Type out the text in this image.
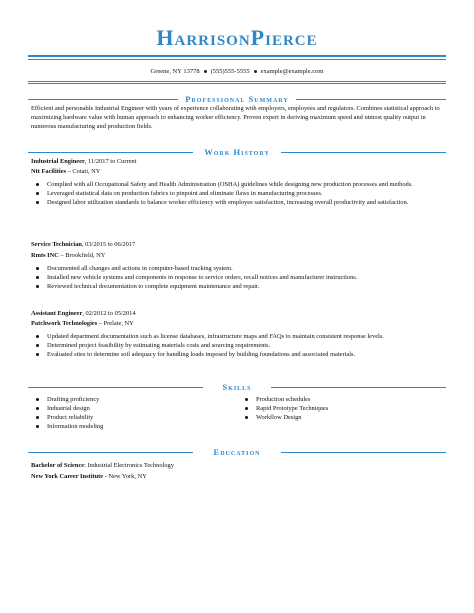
HarrisonPierce
Greene, NY 13778 (555)555-5555 example@example.com
Professional Summary
Efficient and personable Industrial Engineer with years of experience collaborating with employers, employees and regulators. Combines statistical approach to maximizing hardware value with human approach to enhancing worker efficiency. Proven expert in deriving maximum speed and utmost quality output in numerous manufacturing and production fields.
Work History
Industrial Engineer, 11/2017 to Current
Ntt Facilities – Cotati, NY
Complied with all Occupational Safety and Health Administration (OSHA) guidelines while designing new production processes and methods.
Leveraged statistical data on production fabrics to pinpoint and eliminate flaws in manufacturing processes.
Designed labor utilization standards to balance worker efficiency with employee satisfaction, increasing overall productivity and satisfaction.
Service Technician, 03/2015 to 06/2017
Rmts INC – Brookfield, NY
Documented all changes and actions in computer-based tracking system.
Installed new vehicle systems and components in response to service orders, recall notices and manufacturer instructions.
Reviewed technical documentation to complete equipment maintenance and repair.
Assistant Engineer, 02/2012 to 05/2014
Patchwork Technologies – Prelate, NY
Updated department documentation such as license databases, infrastructure maps and FAQs to maintain consistent response levels.
Determined project feasibility by estimating materials costs and sourcing requirements.
Evaluated sites to determine soil adequacy for handling loads imposed by building foundations and associated materials.
Skills
Drafting proficiency
Industrial design
Product reliability
Information modeling
Production schedules
Rapid Prototype Techniques
Workflow Design
Education
Bachelor of Science: Industrial Electronics Technology
New York Career Institute - New York, NY
